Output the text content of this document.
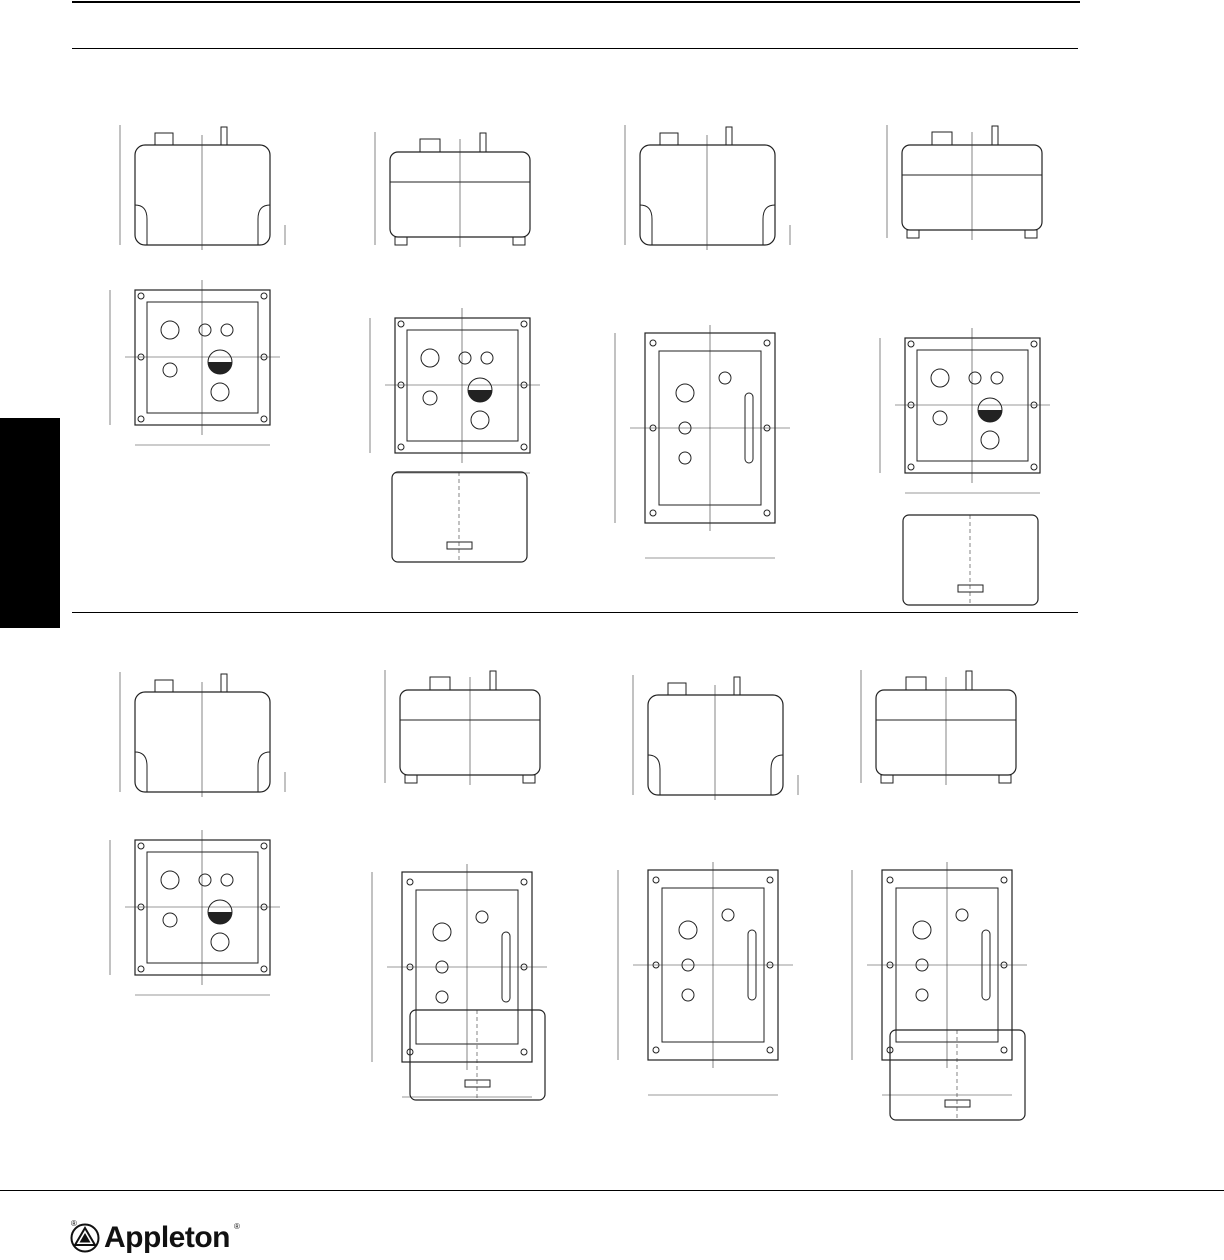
Appleton ®
®
